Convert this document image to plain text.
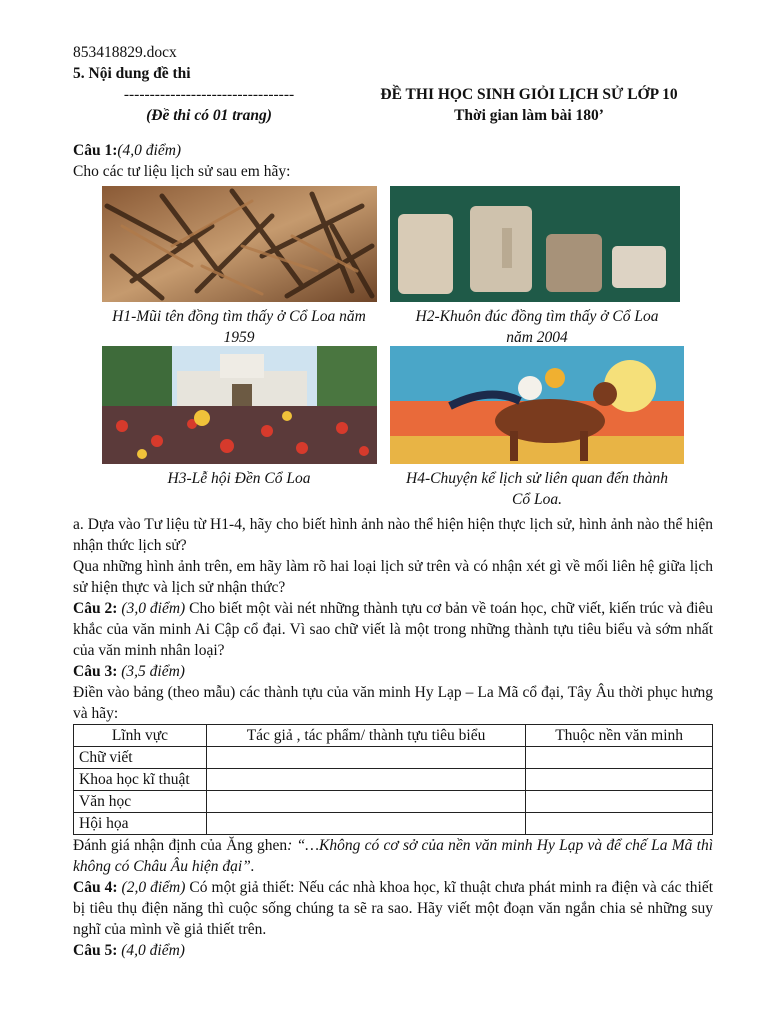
853418829.docx

5. Nội dung đề thi

---------------------------------
(Đề thi có 01 trang)
ĐỀ THI HỌC SINH GIỎI LỊCH SỬ LỚP 10
Thời gian làm bài 180’

Câu 1:(4,0 điểm)

Cho các tư liệu lịch sử sau em hãy:

H1-Mũi tên đồng tìm thấy ở Cổ Loa năm
1959
H2-Khuôn đúc đồng tìm thấy ở Cổ Loa
năm 2004
H3-Lễ hội Đền Cổ Loa	H4-Chuyện kể lịch sử liên quan đến thành
Cổ Loa.

a. Dựa vào Tư liệu từ H1-4, hãy cho biết hình ảnh nào thể hiện hiện thực lịch sử, hình ảnh nào thể hiện nhận thức lịch sử?

Qua những hình ảnh trên, em hãy làm rõ hai loại lịch sử trên và có nhận xét gì về mối liên hệ giữa lịch sử hiện thực và lịch sử nhận thức?

Câu 2: (3,0 điểm) Cho biết một vài nét những thành tựu cơ bản về toán học, chữ viết, kiến trúc và điêu khắc của văn minh Ai Cập cổ đại. Vì sao chữ viết là một trong những thành tựu tiêu biểu và sớm nhất của văn minh nhân loại?

Câu 3: (3,5 điểm)

Điền vào bảng (theo mẫu) các thành tựu của văn minh Hy Lạp – La Mã cổ đại, Tây Âu thời phục hưng và hãy:

Lĩnh vực	Tác giả , tác phẩm/ thành tựu tiêu biểu	Thuộc nền văn minh
Chữ viết		
Khoa học kĩ thuật		
Văn học		
Hội họa		

Đánh giá nhận định của Ăng ghen: “…Không có cơ sở của nền văn minh Hy Lạp và để chế La Mã thì không có Châu Âu hiện đại”.

Câu 4: (2,0 điểm) Có một giả thiết: Nếu các nhà khoa học, kĩ thuật chưa phát minh ra điện và các thiết bị tiêu thụ điện năng thì cuộc sống chúng ta sẽ ra sao. Hãy viết một đoạn văn ngắn chia sẻ những suy nghĩ của mình về giả thiết trên.

Câu 5: (4,0 điểm)
